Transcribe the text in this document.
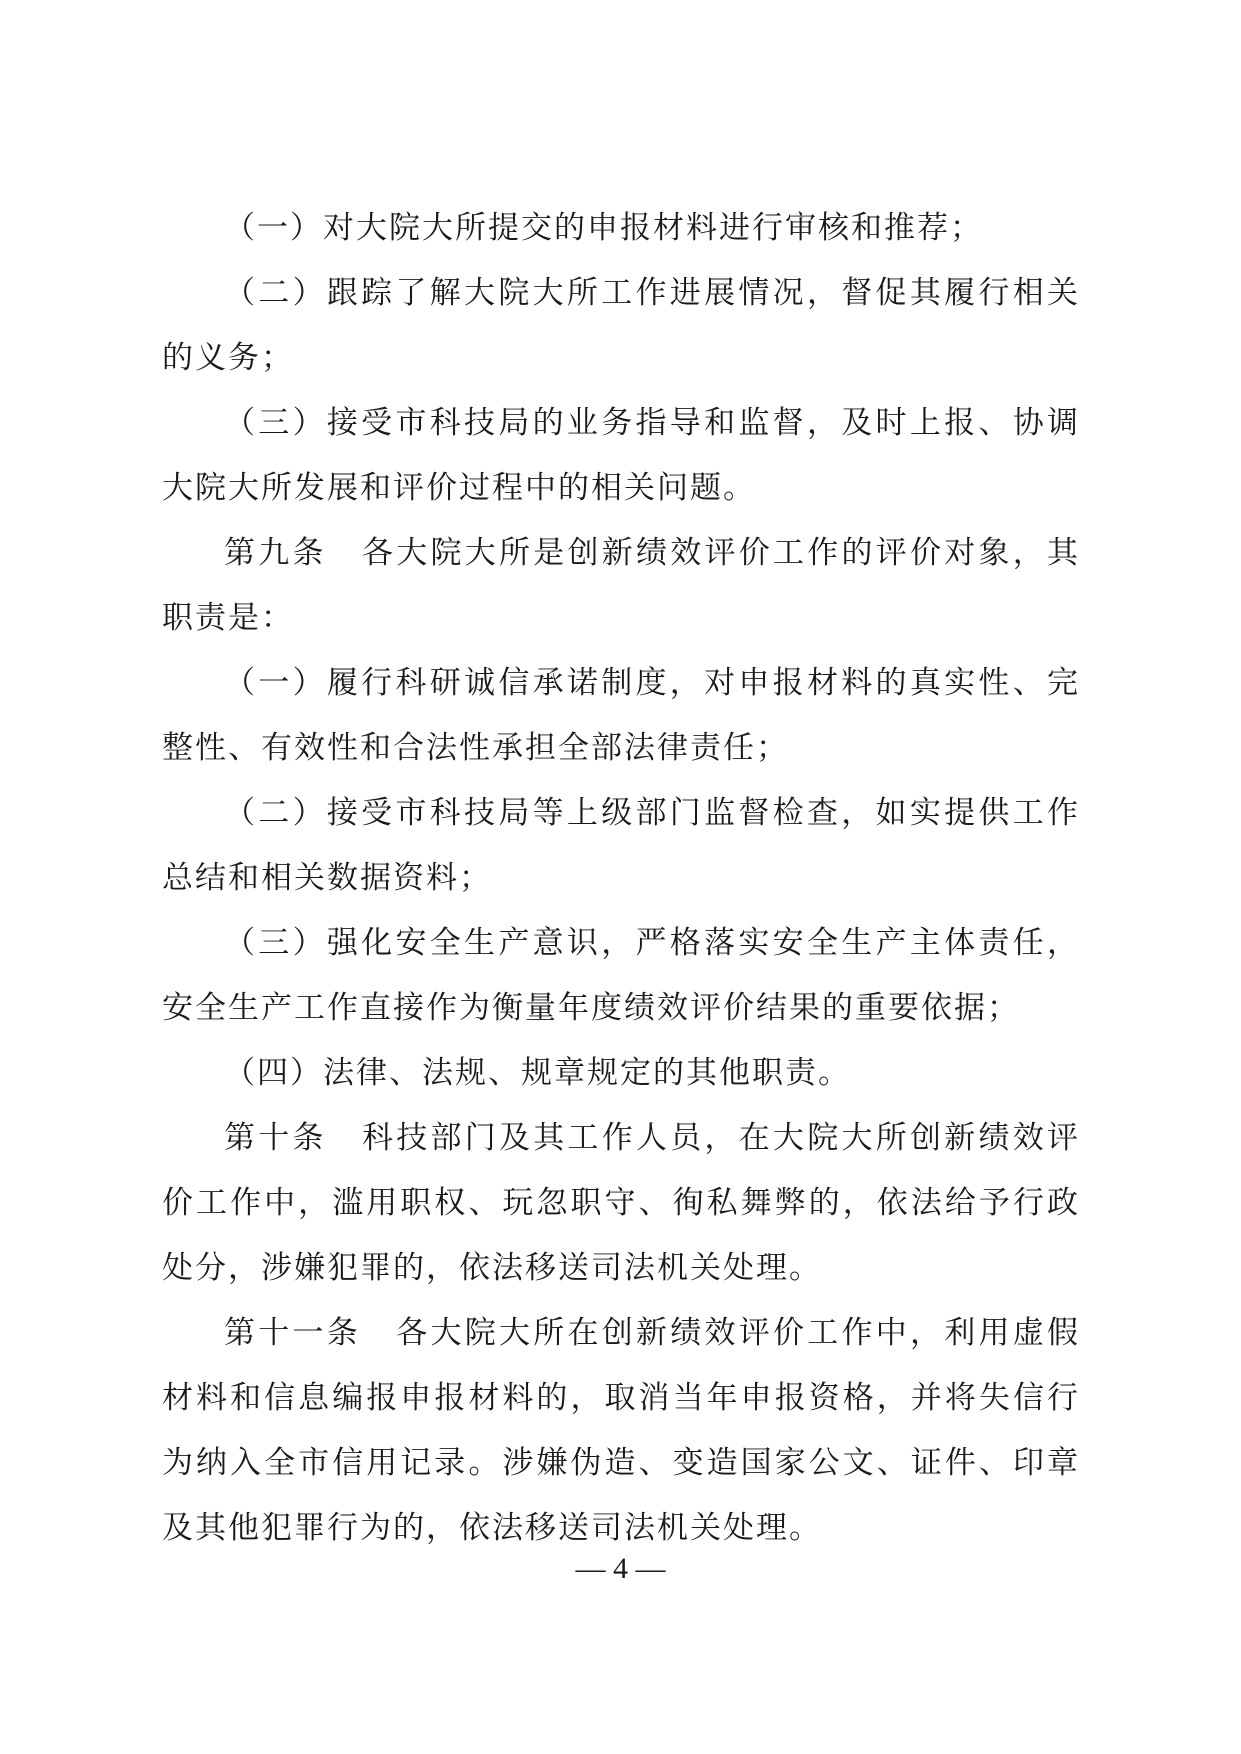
（一）对大院大所提交的申报材料进行审核和推荐；

（二）跟踪了解大院大所工作进展情况，督促其履行相关的义务；

（三）接受市科技局的业务指导和监督，及时上报、协调大院大所发展和评价过程中的相关问题。

第九条 各大院大所是创新绩效评价工作的评价对象，其职责是：

（一）履行科研诚信承诺制度，对申报材料的真实性、完整性、有效性和合法性承担全部法律责任；

（二）接受市科技局等上级部门监督检查，如实提供工作总结和相关数据资料；

（三）强化安全生产意识，严格落实安全生产主体责任，安全生产工作直接作为衡量年度绩效评价结果的重要依据；

（四）法律、法规、规章规定的其他职责。

第十条 科技部门及其工作人员，在大院大所创新绩效评价工作中，滥用职权、玩忽职守、徇私舞弊的，依法给予行政处分，涉嫌犯罪的，依法移送司法机关处理。

第十一条 各大院大所在创新绩效评价工作中，利用虚假材料和信息编报申报材料的，取消当年申报资格，并将失信行为纳入全市信用记录。涉嫌伪造、变造国家公文、证件、印章及其他犯罪行为的，依法移送司法机关处理。

— 4 —
